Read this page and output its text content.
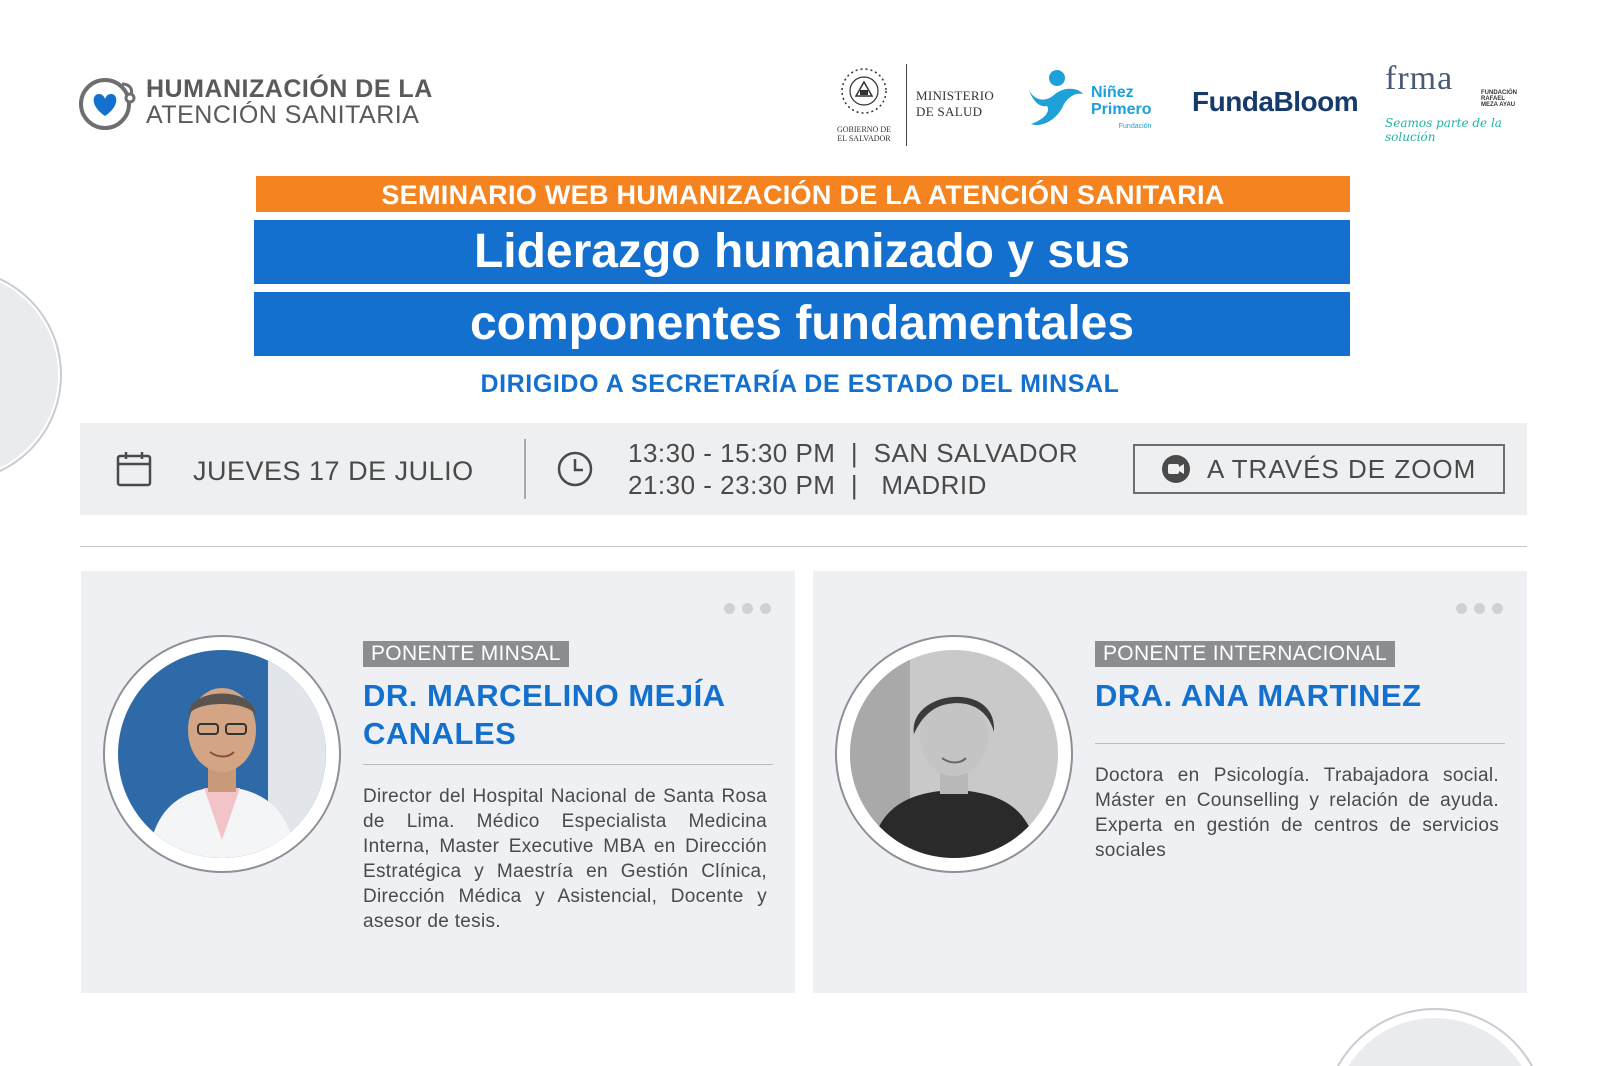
HUMANIZACIÓN DE LA
ATENCIÓN SANITARIA
GOBIERNO DE
EL SALVADOR
MINISTERIO
DE SALUD
Niñez
Primero
Fundación
FundaBloom
frma	FUNDACIÓN
RAFAEL
MEZA AYAU
Seamos parte de la solución
SEMINARIO WEB HUMANIZACIÓN DE LA ATENCIÓN SANITARIA
Liderazgo humanizado y sus
componentes fundamentales
DIRIGIDO A SECRETARÍA DE ESTADO DEL MINSAL
JUEVES 17 DE JULIO
13:30 - 15:30 PM  |  SAN SALVADOR
21:30 - 23:30 PM  |   MADRID
A TRAVÉS DE ZOOM
PONENTE MINSAL
DR. MARCELINO MEJÍA
CANALES
Director del Hospital Nacional de Santa Rosa de Lima. Médico Especialista Medicina Interna, Master Executive MBA en Dirección Estratégica y Maestría en Gestión Clínica, Dirección Médica y Asistencial, Docente y asesor de tesis.
PONENTE INTERNACIONAL
DRA. ANA MARTINEZ
Doctora en Psicología. Trabajadora social. Máster en Counselling y relación de ayuda. Experta en gestión de centros de servicios sociales
